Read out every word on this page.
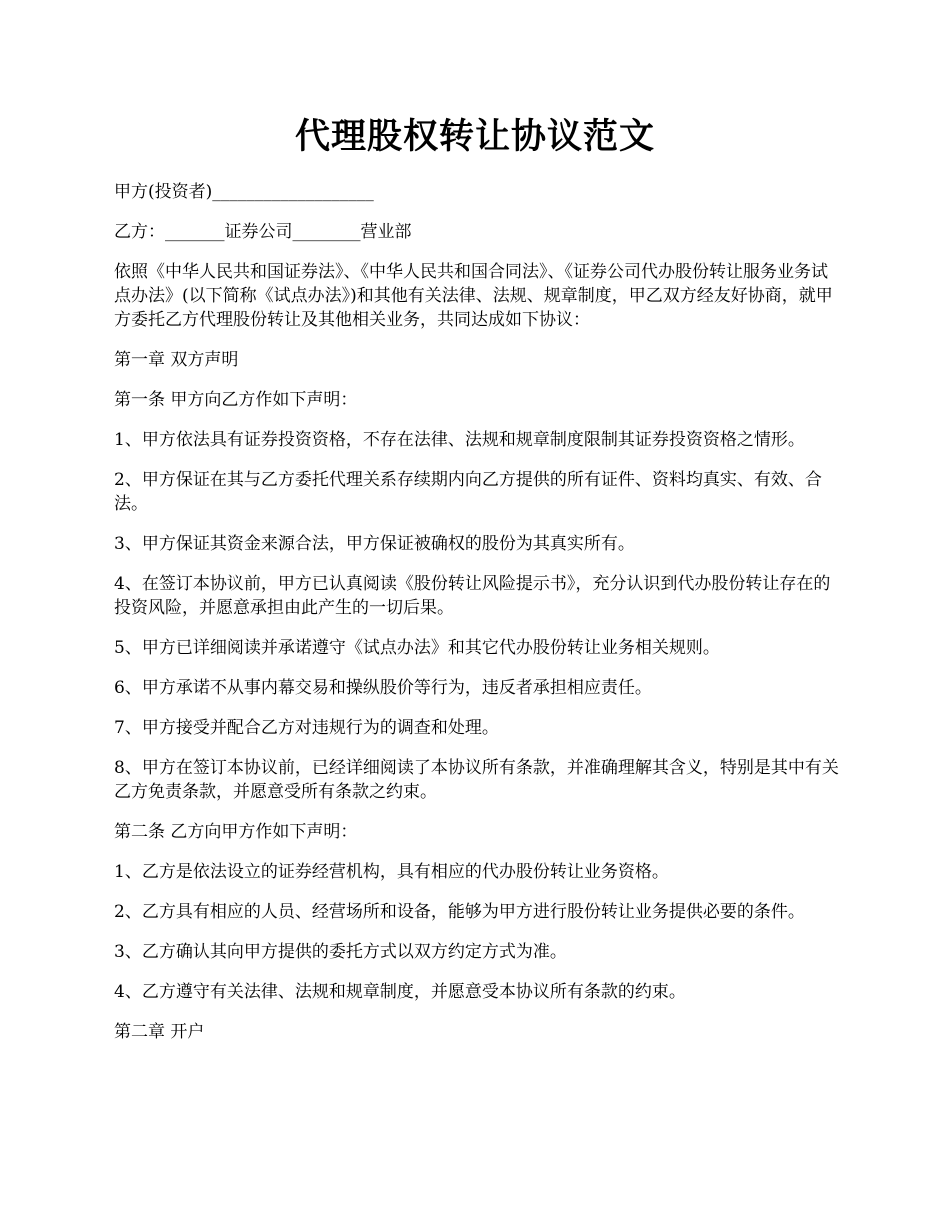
代理股权转让协议范文

甲方(投资者)___________________

乙方：_______证券公司________营业部

依照《中华人民共和国证券法》、《中华人民共和国合同法》、《证券公司代办股份转让服务业务试点办法》(以下简称《试点办法》)和其他有关法律、法规、规章制度，甲乙双方经友好协商，就甲方委托乙方代理股份转让及其他相关业务，共同达成如下协议：

第一章 双方声明

第一条 甲方向乙方作如下声明：

1、甲方依法具有证券投资资格，不存在法律、法规和规章制度限制其证券投资资格之情形。

2、甲方保证在其与乙方委托代理关系存续期内向乙方提供的所有证件、资料均真实、有效、合法。

3、甲方保证其资金来源合法，甲方保证被确权的股份为其真实所有。

4、在签订本协议前，甲方已认真阅读《股份转让风险提示书》，充分认识到代办股份转让存在的投资风险，并愿意承担由此产生的一切后果。

5、甲方已详细阅读并承诺遵守《试点办法》和其它代办股份转让业务相关规则。

6、甲方承诺不从事内幕交易和操纵股价等行为，违反者承担相应责任。

7、甲方接受并配合乙方对违规行为的调查和处理。

8、甲方在签订本协议前，已经详细阅读了本协议所有条款，并准确理解其含义，特别是其中有关乙方免责条款，并愿意受所有条款之约束。

第二条 乙方向甲方作如下声明：

1、乙方是依法设立的证券经营机构，具有相应的代办股份转让业务资格。

2、乙方具有相应的人员、经营场所和设备，能够为甲方进行股份转让业务提供必要的条件。

3、乙方确认其向甲方提供的委托方式以双方约定方式为准。

4、乙方遵守有关法律、法规和规章制度，并愿意受本协议所有条款的约束。

第二章 开户
